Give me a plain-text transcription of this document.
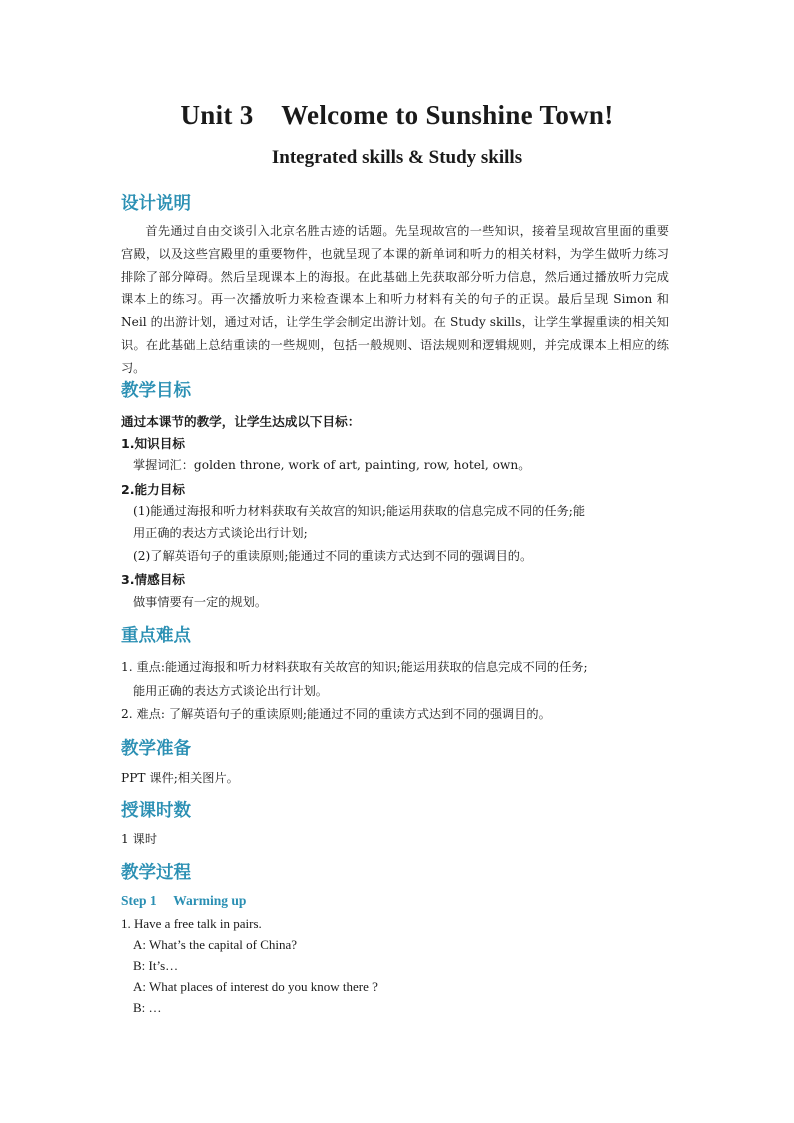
Unit 3    Welcome to Sunshine Town!
Integrated skills & Study skills
设计说明
首先通过自由交谈引入北京名胜古迹的话题。先呈现故宫的一些知识，接着呈现故宫里面的重要宫殿，以及这些宫殿里的重要物件，也就呈现了本课的新单词和听力的相关材料，为学生做听力练习排除了部分障碍。然后呈现课本上的海报。在此基础上先获取部分听力信息，然后通过播放听力完成课本上的练习。再一次播放听力来检查课本上和听力材料有关的句子的正误。最后呈现 Simon 和 Neil 的出游计划，通过对话，让学生学会制定出游计划。在 Study skills，让学生掌握重读的相关知识。在此基础上总结重读的一些规则，包括一般规则、语法规则和逻辑规则，并完成课本上相应的练习。
教学目标
通过本课节的教学，让学生达成以下目标：
1.知识目标
掌握词汇：golden throne, work of art, painting, row, hotel, own。
2.能力目标
(1)能通过海报和听力材料获取有关故宫的知识;能运用获取的信息完成不同的任务;能
用正确的表达方式谈论出行计划;
(2)了解英语句子的重读原则;能通过不同的重读方式达到不同的强调目的。
3.情感目标
做事情要有一定的规划。
重点难点
1. 重点:能通过海报和听力材料获取有关故宫的知识;能运用获取的信息完成不同的任务;
能用正确的表达方式谈论出行计划。
2. 难点: 了解英语句子的重读原则;能通过不同的重读方式达到不同的强调目的。
教学准备
PPT 课件;相关图片。
授课时数
1 课时
教学过程
Step 1     Warming up
1. Have a free talk in pairs.
A: What’s the capital of China?
B: It’s…
A: What places of interest do you know there ?
B: …
